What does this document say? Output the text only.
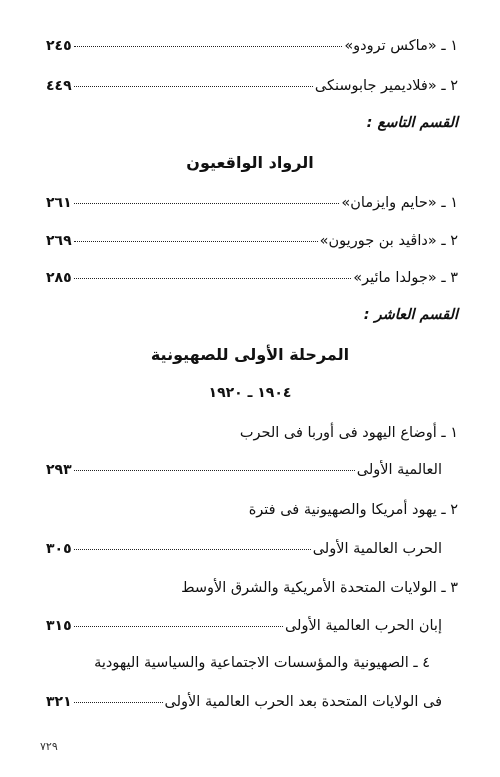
١ ـ «ماكس ترودو»
٢٤٥
٢ ـ «فلاديمير جابوسنكى
٤٤٩
القسم التاسع :
الرواد الواقعيون
١ ـ «حايم وايزمان»
٢٦١
٢ ـ «داڤيد بن جوريون»
٢٦٩
٣ ـ «جولدا مائير»
٢٨٥
القسم العاشر :
المرحلة الأولى للصهيونية
١٩٠٤ ـ ١٩٢٠
١ ـ أوضاع اليهود فى أوربا فى الحرب
العالمية الأولى
٢٩٣
٢ ـ يهود أمريكا والصهيونية فى فترة
الحرب العالمية الأولى
٣٠٥
٣ ـ الولايات المتحدة الأمريكية والشرق الأوسط
إبان الحرب العالمية الأولى
٣١٥
٤ ـ الصهيونية والمؤسسات الاجتماعية والسياسية اليهودية
فى الولايات المتحدة بعد الحرب العالمية الأولى
٣٢١
٧٢٩
